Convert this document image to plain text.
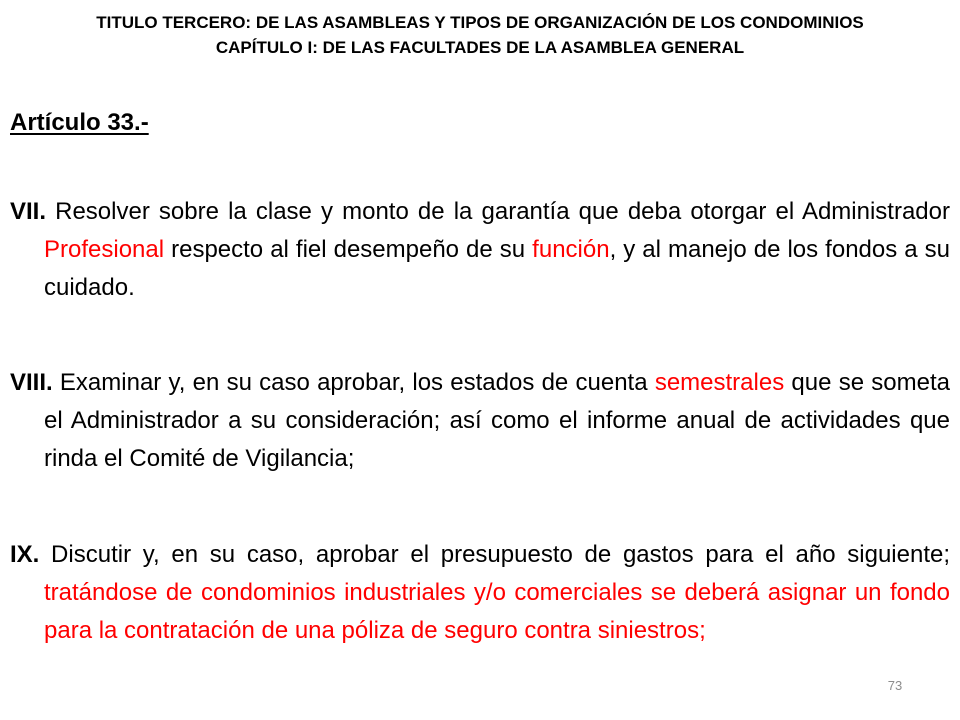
TITULO TERCERO: DE LAS ASAMBLEAS Y TIPOS DE ORGANIZACIÓN DE LOS CONDOMINIOS
CAPÍTULO I: DE LAS FACULTADES DE LA ASAMBLEA GENERAL
Artículo 33.-
VII. Resolver sobre la clase y monto de la garantía que deba otorgar el Administrador Profesional respecto al fiel desempeño de su función, y al manejo de los fondos a su cuidado.
VIII. Examinar y, en su caso aprobar, los estados de cuenta semestrales que se someta el Administrador a su consideración; así como el informe anual de actividades que rinda el Comité de Vigilancia;
IX. Discutir y, en su caso, aprobar el presupuesto de gastos para el año siguiente; tratándose de condominios industriales y/o comerciales se deberá asignar un fondo para la contratación de una póliza de seguro contra siniestros;
73
